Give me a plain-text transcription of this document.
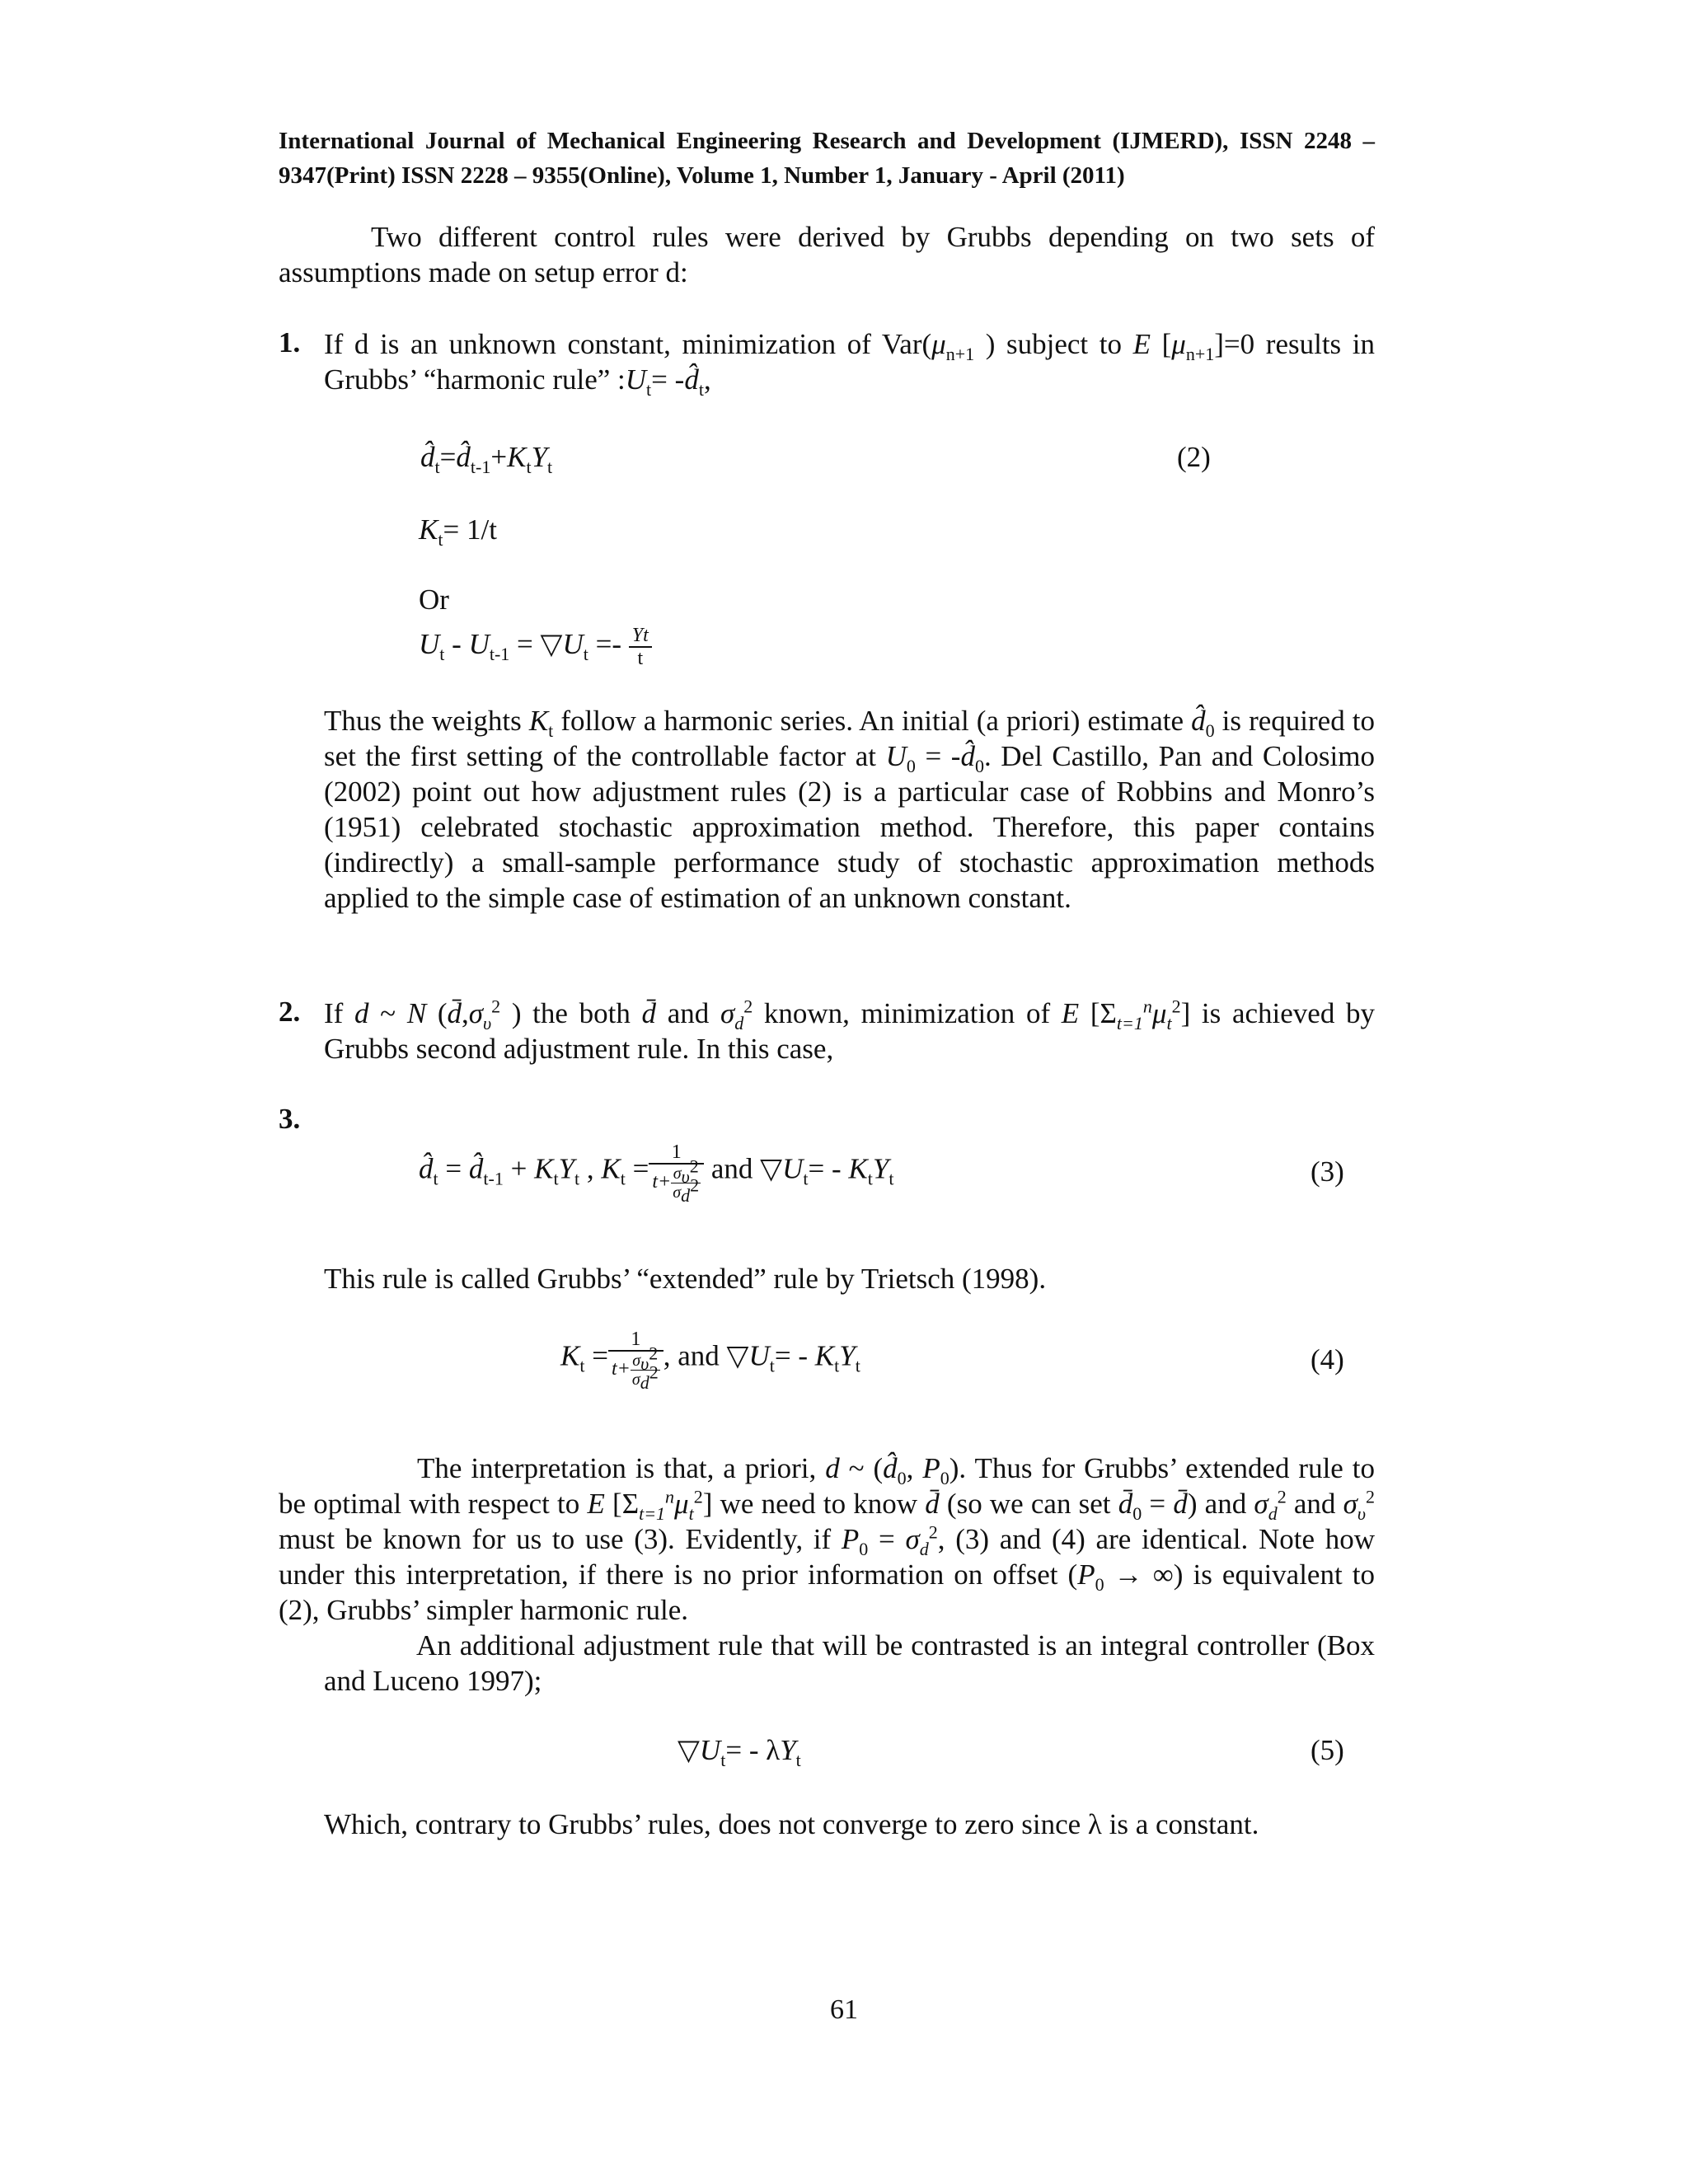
International Journal of Mechanical Engineering Research and Development (IJMERD), ISSN 2248 – 9347(Print) ISSN 2228 – 9355(Online), Volume 1, Number 1, January - April (2011)
Two different control rules were derived by Grubbs depending on two sets of assumptions made on setup error d:
1. If d is an unknown constant, minimization of $Var(\mu_{n+1}$ ) subject to E $[\mu_{n+1}]=0$ results in Grubbs’ “harmonic rule” $:U_t=$ $-d̂_t$,
$d̂_t=d̂_{t-1}+K_tY_t$	(2)
$K_t= 1/t$
Or
$U_t - U_{t-1}$ = $▽U_t =- \frac{Yt}{t}$
Thus the weights $K_t$ follow a harmonic series. An initial (a priori) estimate $d̂_0$ is required to set the first setting of the controllable factor at $U_0$ = $-d̂_0$. Del Castillo, Pan and Colosimo (2002) point out how adjustment rules (2) is a particular case of Robbins and Monro’s (1951) celebrated stochastic approximation method. Therefore, this paper contains (indirectly) a small-sample performance study of stochastic approximation methods applied to the simple case of estimation of an unknown constant.
2. If d ~ N ($d̄,\sigma_\upsilon^2$ ) the both d̄ and $\sigma_d^2$ known, minimization of E $[\Sigma_{t=1}^n\mu_t^2]$ is achieved by Grubbs second adjustment rule. In this case,
3.
$d̂_t$ = $d̂_{t-1} + K_tY_t$ , $K_t = \frac{1}{t+ \frac{\sigma_\upsilon^2}{\sigma_d^2}}$ and $▽U_t= - K_tY_t$	(3)
This rule is called Grubbs’ “extended” rule by Trietsch (1998).
$K_t = \frac{1}{t+ \frac{\sigma_\upsilon^2}{\sigma_d^2}}$ , and $▽U_t= - K_tY_t$	(4)
The interpretation is that, a priori, d ~ ($d̂_0$, $P_0$). Thus for Grubbs’ extended rule to be optimal with respect to E $[\Sigma_{t=1}^n\mu_t^2]$ we need to know d̄ (so we can set $d̄_0$ = d̄) and $\sigma_d^2$ and $\sigma_\upsilon^2$ must be known for us to use (3). Evidently, if $P_0 = \sigma_d^2$, (3) and (4) are identical. Note how under this interpretation, if there is no prior information on offset ($P_0$ → ∞) is equivalent to (2), Grubbs’ simpler harmonic rule.
An additional adjustment rule that will be contrasted is an integral controller (Box and Luceno 1997);
$▽U_t= - \lambda Y_t$	(5)
Which, contrary to Grubbs’ rules, does not converge to zero since λ is a constant.
61
